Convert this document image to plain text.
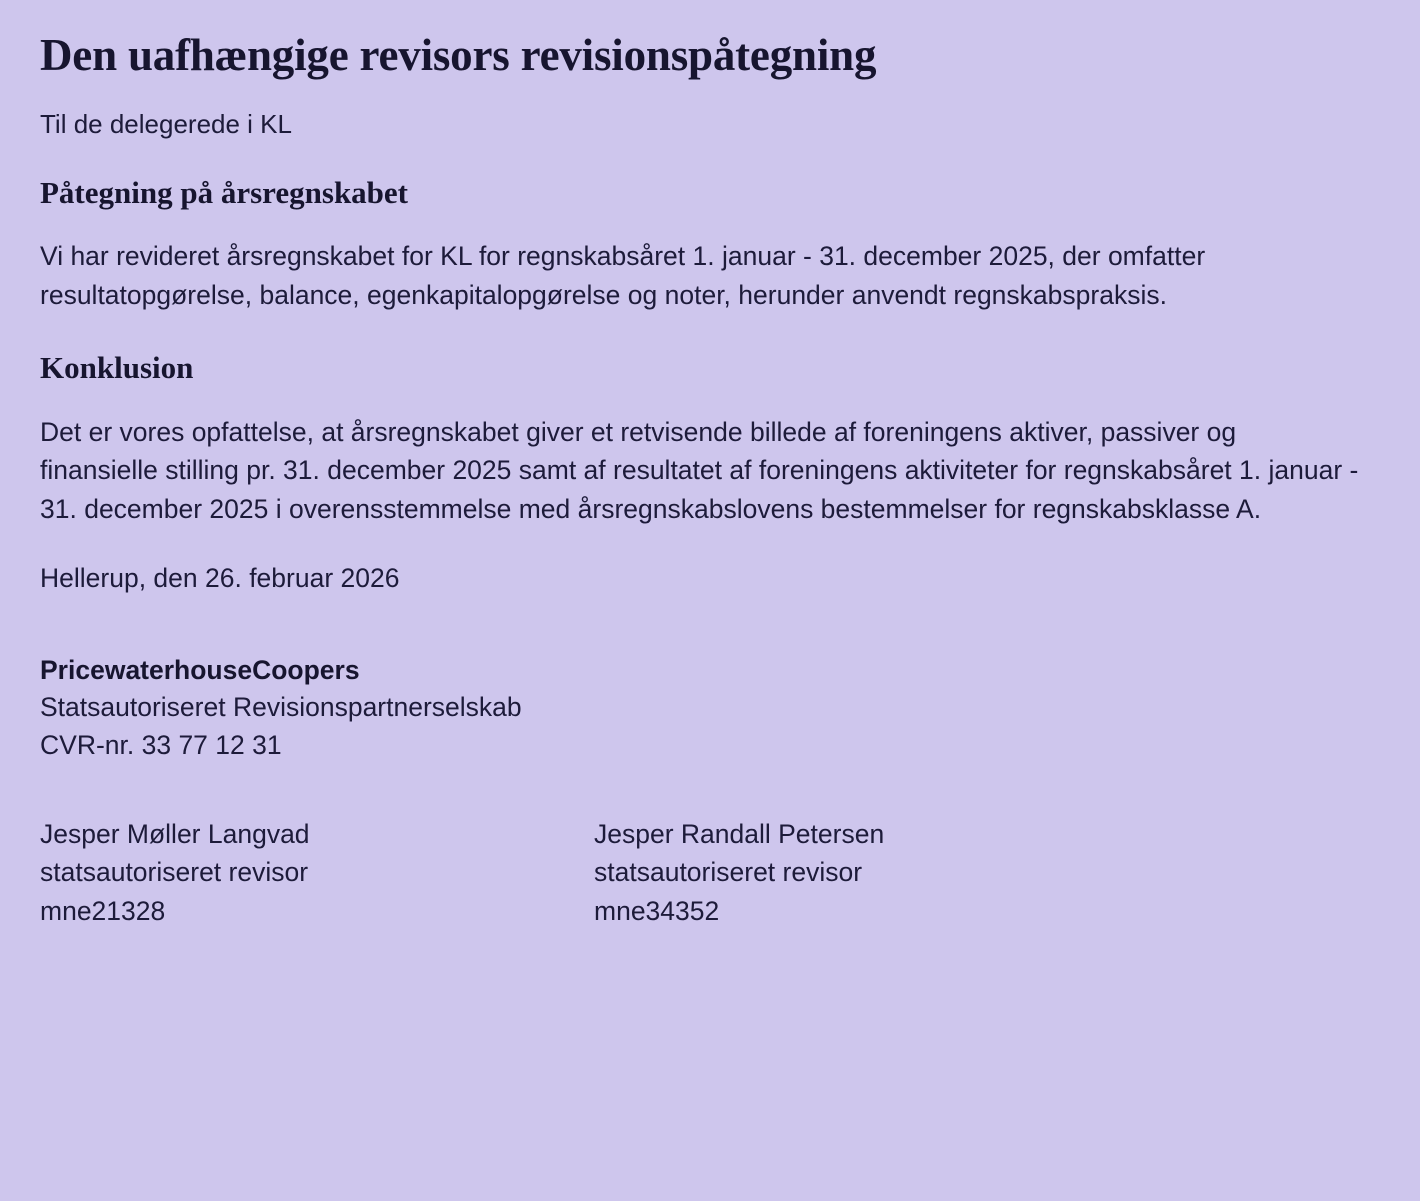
Den uafhængige revisors revisionspåtegning

Til de delegerede i KL

Påtegning på årsregnskabet

Vi har revideret årsregnskabet for KL for regnskabsåret 1. januar - 31. december 2025, der omfatter resultatopgørelse, balance, egenkapitalopgørelse og noter, herunder anvendt regnskabspraksis.

Konklusion

Det er vores opfattelse, at årsregnskabet giver et retvisende billede af foreningens aktiver, passiver og finansielle stilling pr. 31. december 2025 samt af resultatet af foreningens aktiviteter for regnskabsåret 1. januar - 31. december 2025 i overensstemmelse med årsregnskabslovens bestemmelser for regnskabsklasse A.

Hellerup, den 26. februar 2026

PricewaterhouseCoopers
Statsautoriseret Revisionspartnerselskab
CVR-nr. 33 77 12 31
Jesper Møller Langvad
statsautoriseret revisor
mne21328
Jesper Randall Petersen
statsautoriseret revisor
mne34352
